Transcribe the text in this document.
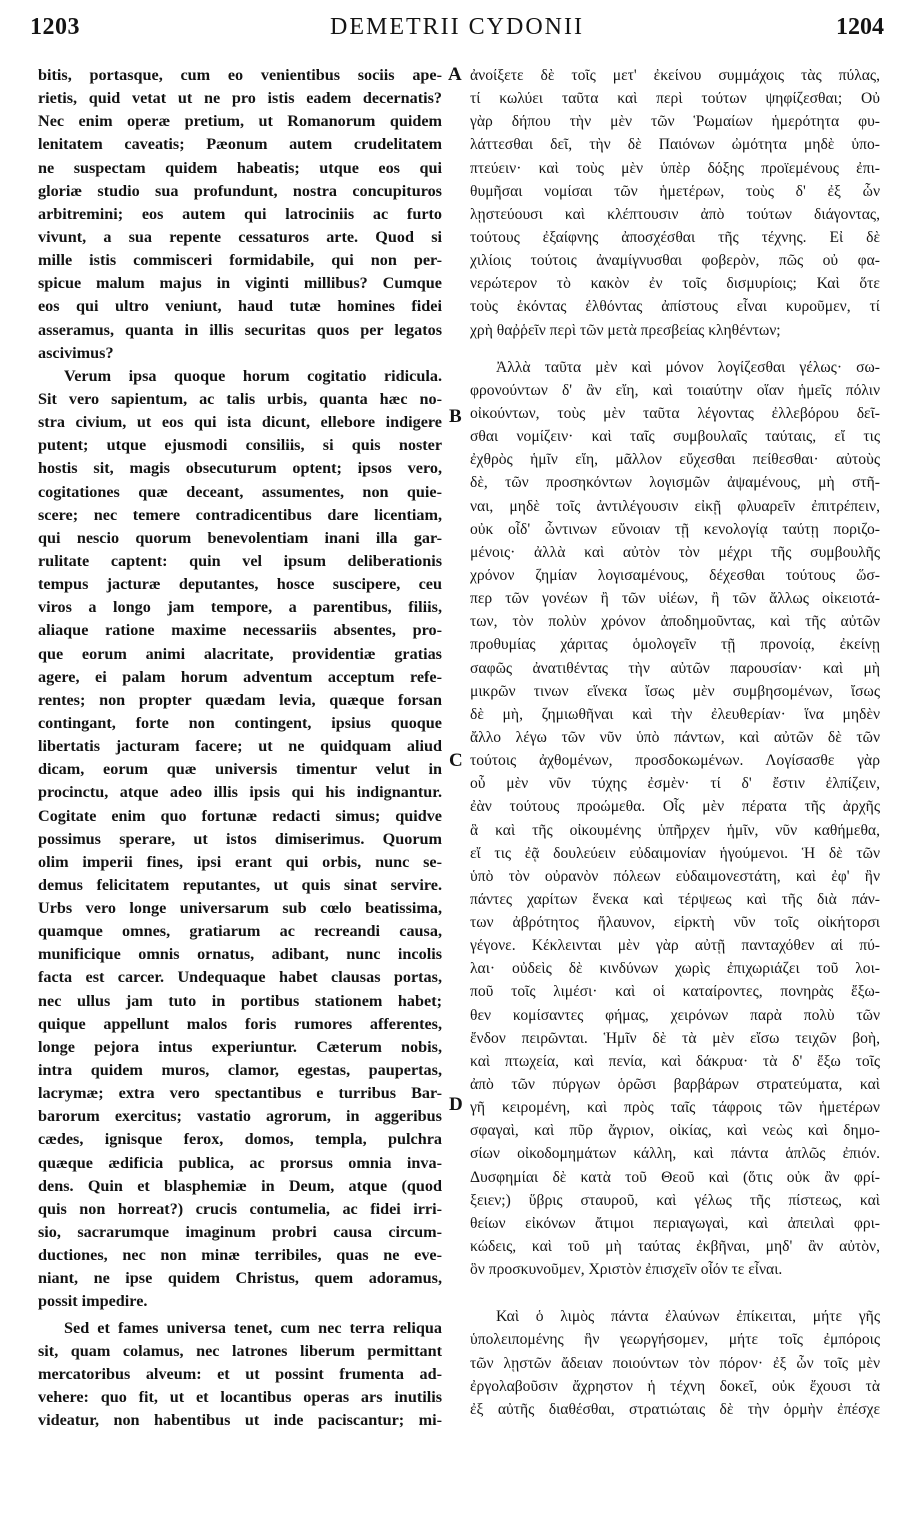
1203	DEMETRII CYDONII	1204
A
B
C
D
bitis, portasque, cum eo venientibus sociis ape-
rietis, quid vetat ut ne pro istis eadem decernatis?
Nec enim operæ pretium, ut Romanorum quidem
lenitatem caveatis; Pæonum autem crudelitatem
ne suspectam quidem habeatis; utque eos qui
gloriæ studio sua profundunt, nostra concupituros
arbitremini; eos autem qui latrociniis ac furto
vivunt, a sua repente cessaturos arte. Quod si
mille istis commisceri formidabile, qui non per-
spicue malum majus in viginti millibus? Cumque
eos qui ultro veniunt, haud tutæ homines fidei
asseramus, quanta in illis securitas quos per legatos
ascivimus?
Verum ipsa quoque horum cogitatio ridicula.
Sit vero sapientum, ac talis urbis, quanta hæc no-
stra civium, ut eos qui ista dicunt, ellebore indigere
putent; utque ejusmodi consiliis, si quis noster
hostis sit, magis obsecuturum optent; ipsos vero,
cogitationes quæ deceant, assumentes, non quie-
scere; nec temere contradicentibus dare licentiam,
qui nescio quorum benevolentiam inani illa gar-
rulitate captent: quin vel ipsum deliberationis
tempus jacturæ deputantes, hosce suscipere, ceu
viros a longo jam tempore, a parentibus, filiis,
aliaque ratione maxime necessariis absentes, pro-
que eorum animi alacritate, providentiæ gratias
agere, ei palam horum adventum acceptum refe-
rentes; non propter quædam levia, quæque forsan
contingant, forte non contingent, ipsius quoque
libertatis jacturam facere; ut ne quidquam aliud
dicam, eorum quæ universis timentur velut in
procinctu, atque adeo illis ipsis qui his indignantur.
Cogitate enim quo fortunæ redacti simus; quidve
possimus sperare, ut istos dimiserimus. Quorum
olim imperii fines, ipsi erant qui orbis, nunc se-
demus felicitatem reputantes, ut quis sinat servire.
Urbs vero longe universarum sub cœlo beatissima,
quamque omnes, gratiarum ac recreandi causa,
munificique omnis ornatus, adibant, nunc incolis
facta est carcer. Undequaque habet clausas portas,
nec ullus jam tuto in portibus stationem habet;
quique appellunt malos foris rumores afferentes,
longe pejora intus experiuntur. Cæterum nobis,
intra quidem muros, clamor, egestas, paupertas,
lacrymæ; extra vero spectantibus e turribus Bar-
barorum exercitus; vastatio agrorum, in aggeribus
cædes, ignisque ferox, domos, templa, pulchra
quæque ædificia publica, ac prorsus omnia inva-
dens. Quin et blasphemiæ in Deum, atque (quod
quis non horreat?) crucis contumelia, ac fidei irri-
sio, sacrarumque imaginum probri causa circum-
ductiones, nec non minæ terribiles, quas ne eve-
niant, ne ipse quidem Christus, quem adoramus,
possit impedire.
Sed et fames universa tenet, cum nec terra reliqua
sit, quam colamus, nec latrones liberum permittant
mercatoribus alveum: et ut possint frumenta ad-
vehere: quo fit, ut et locantibus operas ars inutilis
videatur, non habentibus ut inde paciscantur; mi-
ἀνοίξετε δὲ τοῖς μετ' ἐκείνου συμμάχοις τὰς πύλας,
τί κωλύει ταῦτα καὶ περὶ τούτων ψηφίζεσθαι; Οὐ
γὰρ δήπου τὴν μὲν τῶν Ῥωμαίων ἡμερότητα φυ-
λάττεσθαι δεῖ, τὴν δὲ Παιόνων ὠμότητα μηδὲ ὑπο-
πτεύειν· καὶ τοὺς μὲν ὑπὲρ δόξης προϊεμένους ἐπι-
θυμῆσαι νομίσαι τῶν ἡμετέρων, τοὺς δ' ἐξ ὧν
λῃστεύουσι καὶ κλέπτουσιν ἀπὸ τούτων διάγοντας,
τούτους ἐξαίφνης ἀποσχέσθαι τῆς τέχνης. Εἰ δὲ
χιλίοις τούτοις ἀναμίγνυσθαι φοβερὸν, πῶς οὐ φα-
νερώτερον τὸ κακὸν ἐν τοῖς δισμυρίοις; Καὶ ὅτε
τοὺς ἑκόντας ἐλθόντας ἀπίστους εἶναι κυροῦμεν, τί
χρὴ θαῤῥεῖν περὶ τῶν μετὰ πρεσβείας κληθέντων;
Ἀλλὰ ταῦτα μὲν καὶ μόνον λογίζεσθαι γέλως· σω-
φρονούντων δ' ἂν εἴη, καὶ τοιαύτην οἵαν ἡμεῖς πόλιν
οἰκούντων, τοὺς μὲν ταῦτα λέγοντας ἐλλεβόρου δεῖ-
σθαι νομίζειν· καὶ ταῖς συμβουλαῖς ταύταις, εἴ τις
ἐχθρὸς ἡμῖν εἴη, μᾶλλον εὔχεσθαι πείθεσθαι· αὐτοὺς
δὲ, τῶν προσηκόντων λογισμῶν ἀψαμένους, μὴ στῆ-
ναι, μηδὲ τοῖς ἀντιλέγουσιν εἰκῇ φλυαρεῖν ἐπιτρέπειν,
οὐκ οἶδ' ὧντινων εὔνοιαν τῇ κενολογίᾳ ταύτῃ ποριζο-
μένοις· ἀλλὰ καὶ αὐτὸν τὸν μέχρι τῆς συμβουλῆς
χρόνον ζημίαν λογισαμένους, δέχεσθαι τούτους ὥσ-
περ τῶν γονέων ἢ τῶν υἱέων, ἢ τῶν ἄλλως οἰκειοτά-
των, τὸν πολὺν χρόνον ἀποδημοῦντας, καὶ τῆς αὐτῶν
προθυμίας χάριτας ὁμολογεῖν τῇ προνοίᾳ, ἐκείνῃ
σαφῶς ἀνατιθέντας τὴν αὐτῶν παρουσίαν· καὶ μὴ
μικρῶν τινων εἵνεκα ἴσως μὲν συμβησομένων, ἴσως
δὲ μὴ, ζημιωθῆναι καὶ τὴν ἐλευθερίαν· ἵνα μηδὲν
ἄλλο λέγω τῶν νῦν ὑπὸ πάντων, καὶ αὐτῶν δὲ τῶν
τούτοις ἀχθομένων, προσδοκωμένων. Λογίσασθε γὰρ
οὗ μὲν νῦν τύχης ἐσμὲν· τί δ' ἔστιν ἐλπίζειν,
ἐὰν τούτους προώμεθα. Οἷς μὲν πέρατα τῆς ἀρχῆς
ἃ καὶ τῆς οἰκουμένης ὑπῆρχεν ἡμῖν, νῦν καθήμεθα,
εἴ τις ἐᾷ δουλεύειν εὐδαιμονίαν ἡγούμενοι. Ἡ δὲ τῶν
ὑπὸ τὸν οὐρανὸν πόλεων εὐδαιμονεστάτη, καὶ ἐφ' ἣν
πάντες χαρίτων ἕνεκα καὶ τέρψεως καὶ τῆς διὰ πάν-
των ἀβρότητος ἤλαυνον, εἱρκτὴ νῦν τοῖς οἰκήτορσι
γέγονε. Κέκλεινται μὲν γὰρ αὐτῇ πανταχόθεν αἱ πύ-
λαι· οὐδεὶς δὲ κινδύνων χωρὶς ἐπιχωριάζει τοῦ λοι-
ποῦ τοῖς λιμέσι· καὶ οἱ καταίροντες, πονηρὰς ἔξω-
θεν κομίσαντες φήμας, χειρόνων παρὰ πολὺ τῶν
ἔνδον πειρῶνται. Ἡμῖν δὲ τὰ μὲν εἴσω τειχῶν βοὴ,
καὶ πτωχεία, καὶ πενία, καὶ δάκρυα· τὰ δ' ἔξω τοῖς
ἀπὸ τῶν πύργων ὁρῶσι βαρβάρων στρατεύματα, καὶ
γῆ κειρομένη, καὶ πρὸς ταῖς τάφροις τῶν ἡμετέρων
σφαγαὶ, καὶ πῦρ ἄγριον, οἰκίας, καὶ νεὼς καὶ δημο-
σίων οἰκοδομημάτων κάλλη, καὶ πάντα ἁπλῶς ἐπιόν.
Δυσφημίαι δὲ κατὰ τοῦ Θεοῦ καὶ (ὅτις οὐκ ἂν φρί-
ξειεν;) ὕβρις σταυροῦ, καὶ γέλως τῆς πίστεως, καὶ
θείων εἰκόνων ἄτιμοι περιαγωγαὶ, καὶ ἀπειλαὶ φρι-
κώδεις, καὶ τοῦ μὴ ταύτας ἐκβῆναι, μηδ' ἂν αὐτὸν,
ὃν προσκυνοῦμεν, Χριστὸν ἐπισχεῖν οἷόν τε εἶναι.
Καὶ ὁ λιμὸς πάντα ἐλαύνων ἐπίκειται, μήτε γῆς
ὑπολειπομένης ἣν γεωργήσομεν, μήτε τοῖς ἐμπόροις
τῶν λῃστῶν ἄδειαν ποιούντων τὸν πόρον· ἐξ ὧν τοῖς μὲν
ἐργολαβοῦσιν ἄχρηστον ἡ τέχνη δοκεῖ, οὐκ ἔχουσι τὰ
ἐξ αὐτῆς διαθέσθαι, στρατιώταις δὲ τὴν ὁρμὴν ἐπέσχε
